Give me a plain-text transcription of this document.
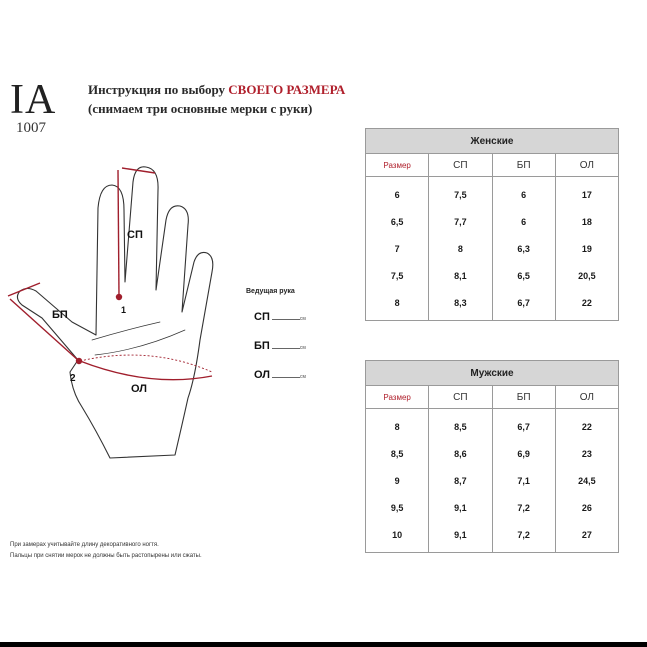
IA
1007
Инструкция по выбору СВОЕГО РАЗМЕРА
(снимаем три основные мерки с руки)
СП
БП
ОЛ
1
2
Ведущая рука
СП	см
БП	см
ОЛ	см
Женские			
Размер	СП	БП	ОЛ
6	7,5	6	17
6,5	7,7	6	18
7	8	6,3	19
7,5	8,1	6,5	20,5
8	8,3	6,7	22
Мужские			
Размер	СП	БП	ОЛ
8	8,5	6,7	22
8,5	8,6	6,9	23
9	8,7	7,1	24,5
9,5	9,1	7,2	26
10	9,1	7,2	27
При замерах учитывайте длину декоративного ногтя.
Пальцы при снятии мерок не должны быть растопырены или сжаты.
